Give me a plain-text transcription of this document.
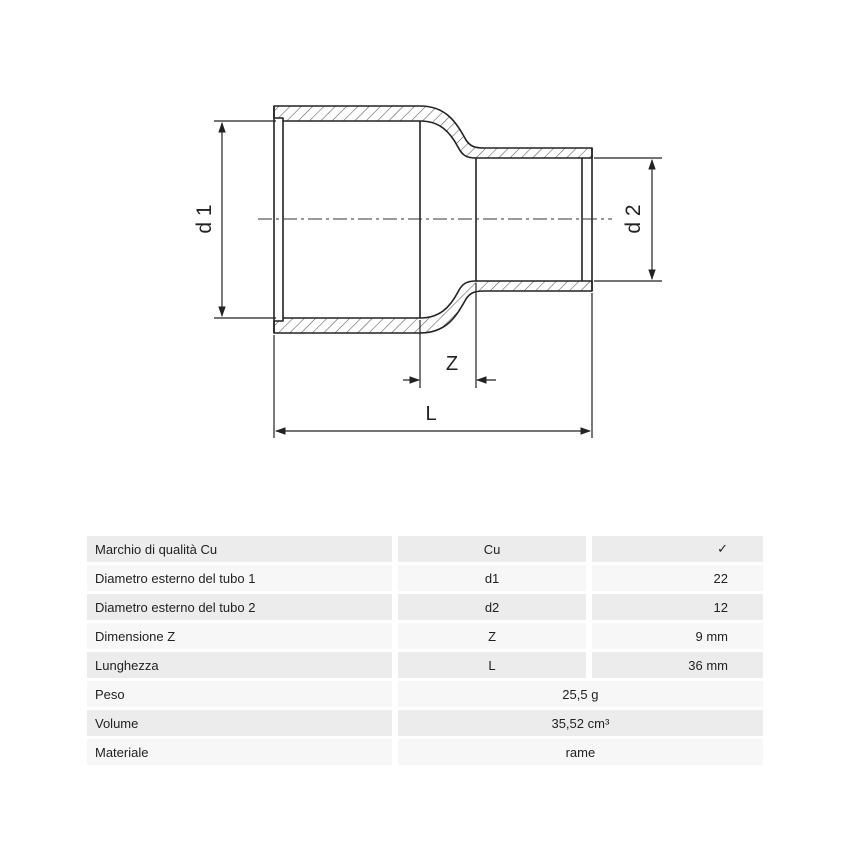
d 1	d 2
Z
L
Marchio di qualità Cu		Cu		✓
Diametro esterno del tubo 1		d1		22
Diametro esterno del tubo 2		d2		12
Dimensione Z		Z		9 mm
Lunghezza		L		36 mm
Peso		25,5 g		
Volume		35,52 cm³		
Materiale		rame		
